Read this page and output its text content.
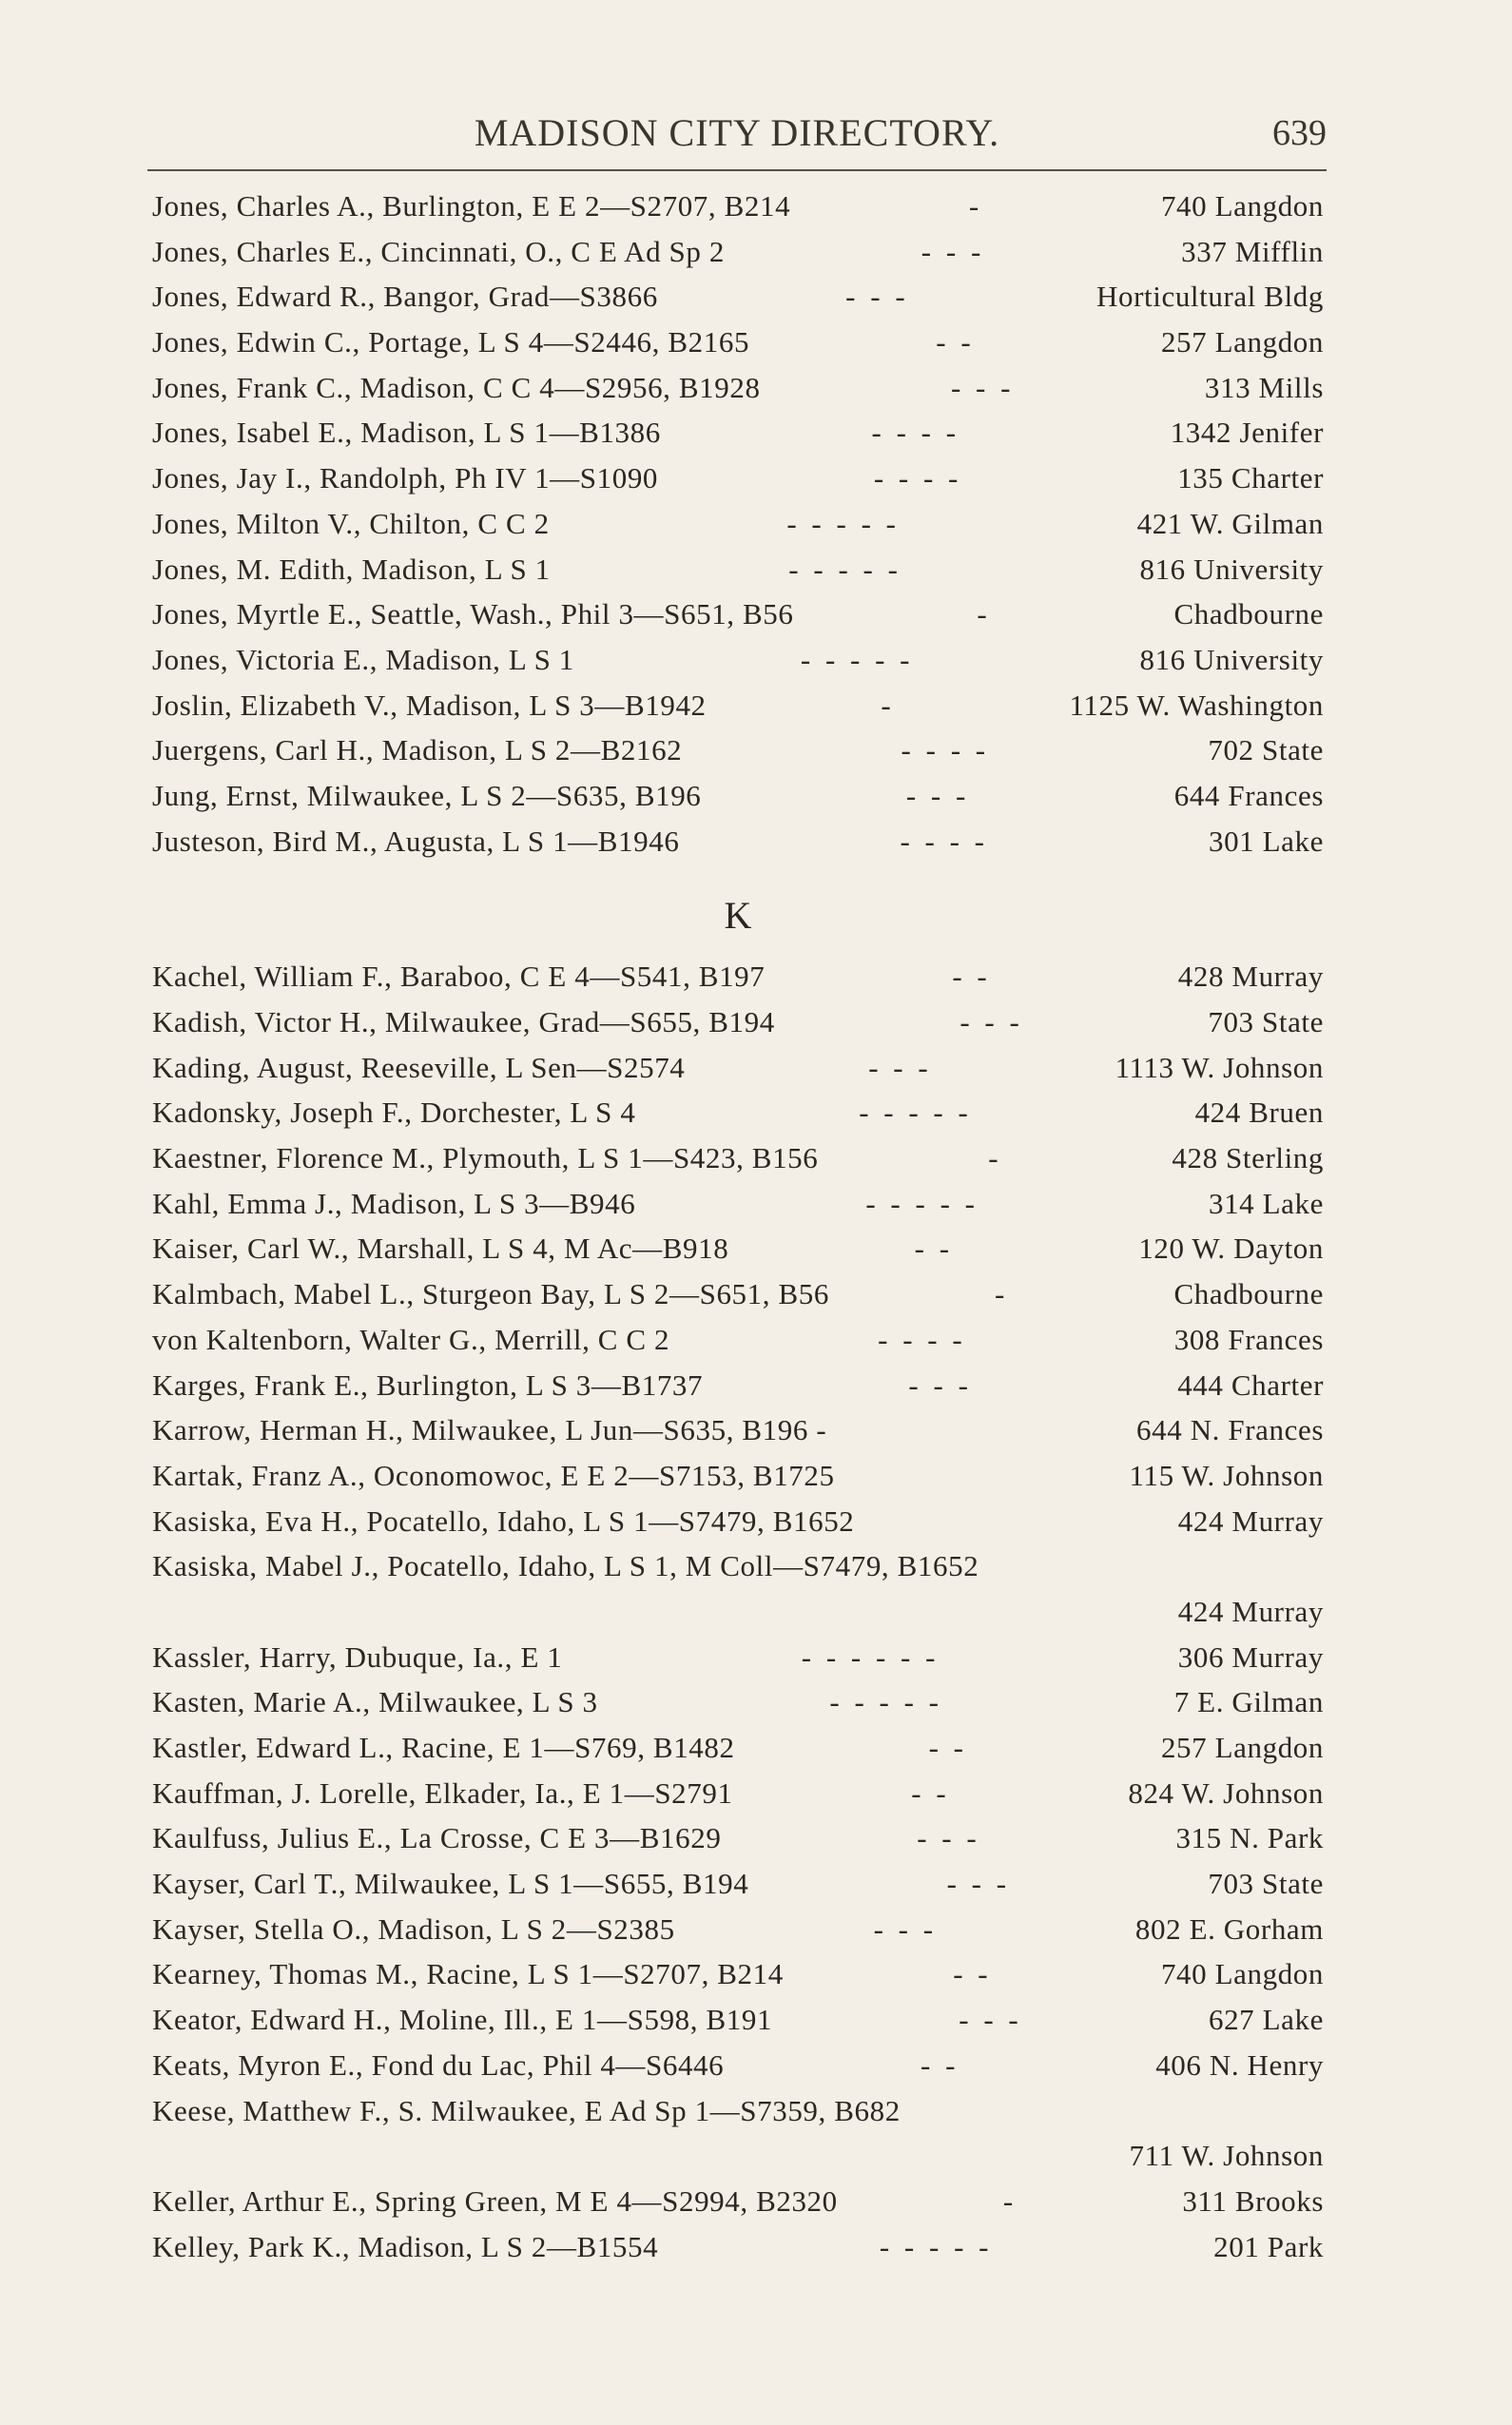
MADISON CITY DIRECTORY.	639
Jones, Charles A., Burlington, E E 2—S2707, B214	-	740 Langdon
Jones, Charles E., Cincinnati, O., C E Ad Sp 2	- - -	337 Mifflin
Jones, Edward R., Bangor, Grad—S3866	- - -	Horticultural Bldg
Jones, Edwin C., Portage, L S 4—S2446, B2165	- -	257 Langdon
Jones, Frank C., Madison, C C 4—S2956, B1928	- - -	313 Mills
Jones, Isabel E., Madison, L S 1—B1386	- - - -	1342 Jenifer
Jones, Jay I., Randolph, Ph IV 1—S1090	- - - -	135 Charter
Jones, Milton V., Chilton, C C 2	- - - - -	421 W. Gilman
Jones, M. Edith, Madison, L S 1	- - - - -	816 University
Jones, Myrtle E., Seattle, Wash., Phil 3—S651, B56	-	Chadbourne
Jones, Victoria E., Madison, L S 1	- - - - -	816 University
Joslin, Elizabeth V., Madison, L S 3—B1942	-	1125 W. Washington
Juergens, Carl H., Madison, L S 2—B2162	- - - -	702 State
Jung, Ernst, Milwaukee, L S 2—S635, B196	- - -	644 Frances
Justeson, Bird M., Augusta, L S 1—B1946	- - - -	301 Lake
K
Kachel, William F., Baraboo, C E 4—S541, B197	- -	428 Murray
Kadish, Victor H., Milwaukee, Grad—S655, B194	- - -	703 State
Kading, August, Reeseville, L Sen—S2574	- - -	1113 W. Johnson
Kadonsky, Joseph F., Dorchester, L S 4	- - - - -	424 Bruen
Kaestner, Florence M., Plymouth, L S 1—S423, B156	-	428 Sterling
Kahl, Emma J., Madison, L S 3—B946	- - - - -	314 Lake
Kaiser, Carl W., Marshall, L S 4, M Ac—B918	- -	120 W. Dayton
Kalmbach, Mabel L., Sturgeon Bay, L S 2—S651, B56	-	Chadbourne
von Kaltenborn, Walter G., Merrill, C C 2	- - - -	308 Frances
Karges, Frank E., Burlington, L S 3—B1737	- - -	444 Charter
Karrow, Herman H., Milwaukee, L Jun—S635, B196 -	644 N. Frances
Kartak, Franz A., Oconomowoc, E E 2—S7153, B1725	115 W. Johnson
Kasiska, Eva H., Pocatello, Idaho, L S 1—S7479, B1652	424 Murray
Kasiska, Mabel J., Pocatello, Idaho, L S 1, M Coll—S7479, B1652
424 Murray
Kassler, Harry, Dubuque, Ia., E 1	- - - - - -	306 Murray
Kasten, Marie A., Milwaukee, L S 3	- - - - -	7 E. Gilman
Kastler, Edward L., Racine, E 1—S769, B1482	- -	257 Langdon
Kauffman, J. Lorelle, Elkader, Ia., E 1—S2791	- -	824 W. Johnson
Kaulfuss, Julius E., La Crosse, C E 3—B1629	- - -	315 N. Park
Kayser, Carl T., Milwaukee, L S 1—S655, B194	- - -	703 State
Kayser, Stella O., Madison, L S 2—S2385	- - -	802 E. Gorham
Kearney, Thomas M., Racine, L S 1—S2707, B214	- -	740 Langdon
Keator, Edward H., Moline, Ill., E 1—S598, B191	- - -	627 Lake
Keats, Myron E., Fond du Lac, Phil 4—S6446	- -	406 N. Henry
Keese, Matthew F., S. Milwaukee, E Ad Sp 1—S7359, B682
711 W. Johnson
Keller, Arthur E., Spring Green, M E 4—S2994, B2320	-	311 Brooks
Kelley, Park K., Madison, L S 2—B1554	- - - - -	201 Park
